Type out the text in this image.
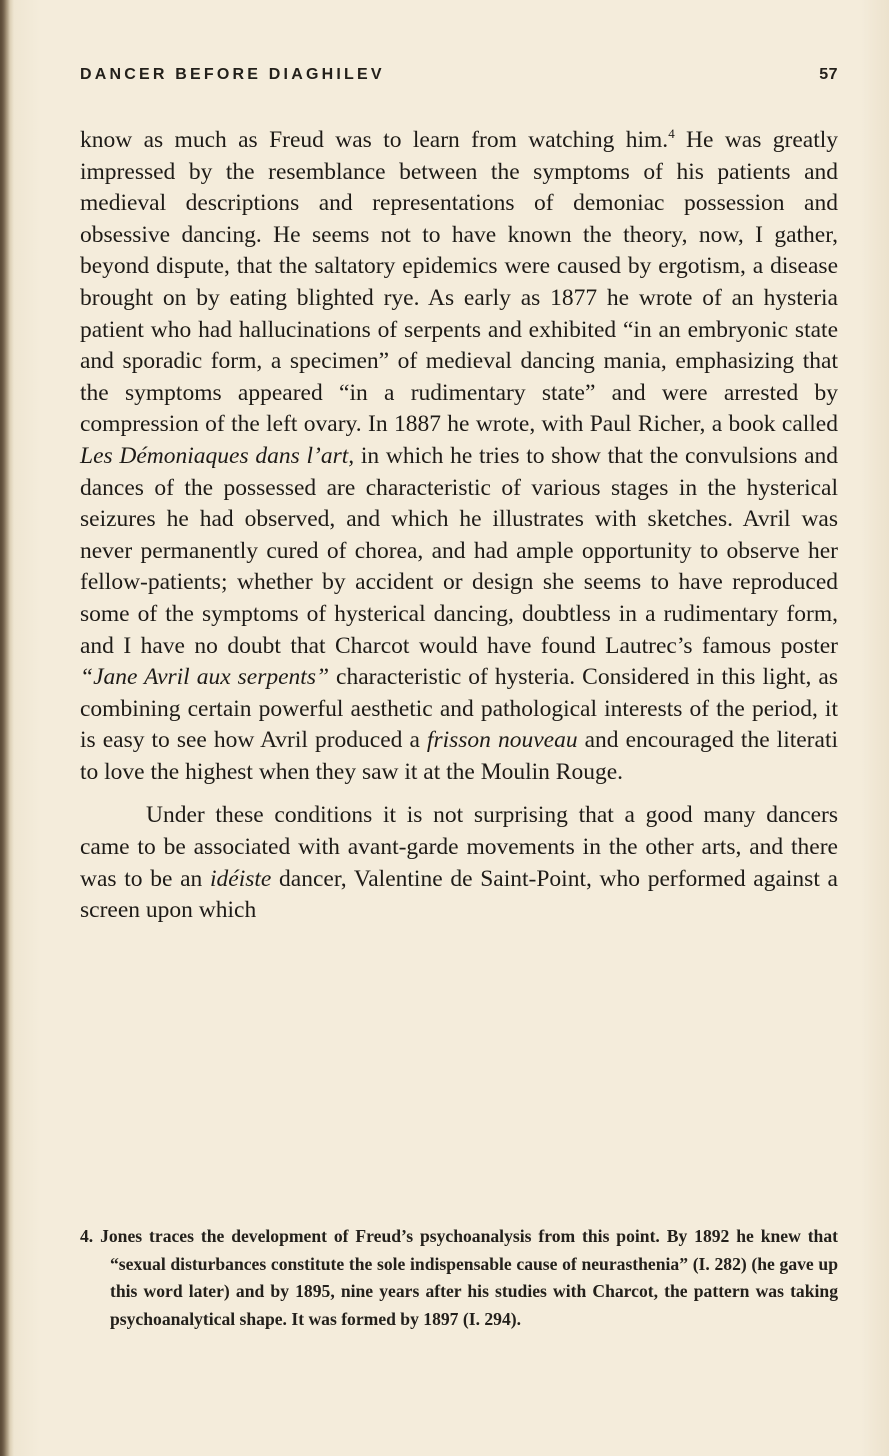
DANCER BEFORE DIAGHILEV	57

know as much as Freud was to learn from watching him.$^4$ He was greatly impressed by the resemblance between the symptoms of his patients and medieval descriptions and representations of demoniac possession and obsessive dancing. He seems not to have known the theory, now, I gather, beyond dispute, that the saltatory epidemics were caused by ergotism, a disease brought on by eating blighted rye. As early as 1877 he wrote of an hysteria patient who had hallucinations of serpents and exhibited “in an embryonic state and sporadic form, a specimen” of medieval dancing mania, emphasizing that the symptoms appeared “in a rudimentary state” and were arrested by compression of the left ovary. In 1887 he wrote, with Paul Richer, a book called Les Démoniaques dans l’art, in which he tries to show that the convulsions and dances of the possessed are characteristic of various stages in the hysterical seizures he had observed, and which he illustrates with sketches. Avril was never permanently cured of chorea, and had ample opportunity to observe her fellow-patients; whether by accident or design she seems to have reproduced some of the symptoms of hysterical dancing, doubtless in a rudimentary form, and I have no doubt that Charcot would have found Lautrec’s famous poster “Jane Avril aux serpents” characteristic of hysteria. Considered in this light, as combining certain powerful aesthetic and pathological interests of the period, it is easy to see how Avril produced a frisson nouveau and encouraged the literati to love the highest when they saw it at the Moulin Rouge.

Under these conditions it is not surprising that a good many dancers came to be associated with avant-garde movements in the other arts, and there was to be an idéiste dancer, Valentine de Saint-Point, who performed against a screen upon which

4. Jones traces the development of Freud’s psychoanalysis from this point. By 1892 he knew that “sexual disturbances constitute the sole indispensable cause of neurasthenia” (I. 282) (he gave up this word later) and by 1895, nine years after his studies with Charcot, the pattern was taking psychoanalytical shape. It was formed by 1897 (I. 294).
